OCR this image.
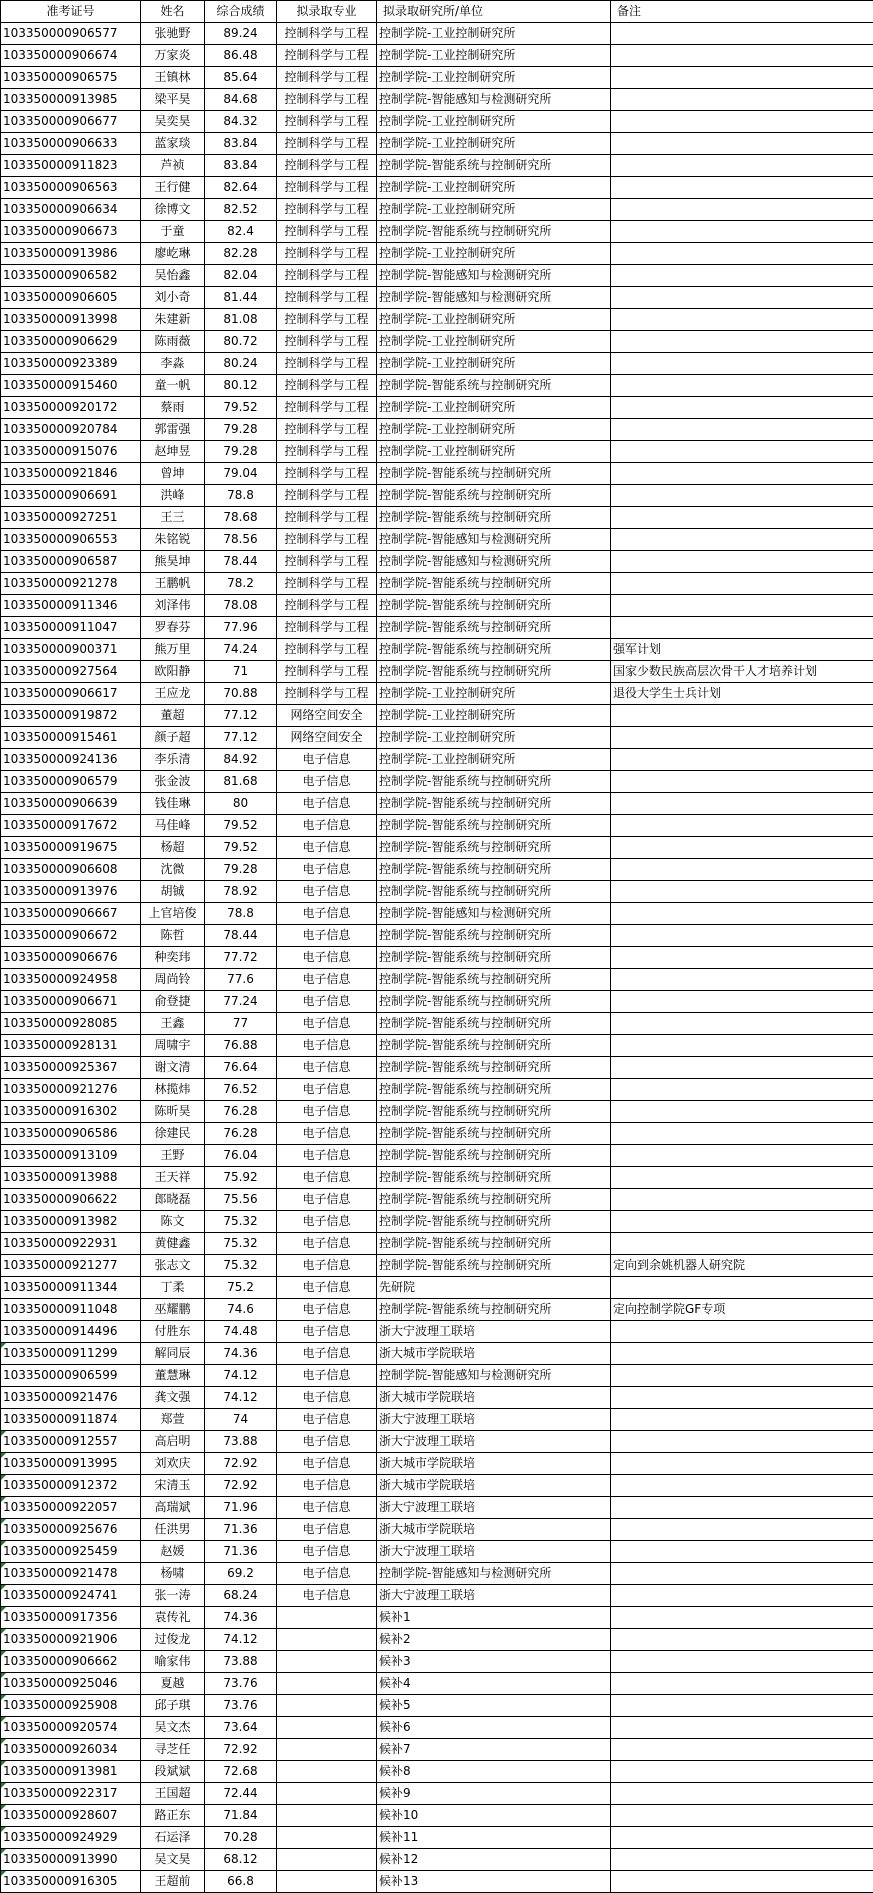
准考证号	姓名	综合成绩	拟录取专业	拟录取研究所/单位	备注
103350000906577	张驰野	89.24	控制科学与工程	控制学院-工业控制研究所	
103350000906674	万家炎	86.48	控制科学与工程	控制学院-工业控制研究所	
103350000906575	王镇林	85.64	控制科学与工程	控制学院-工业控制研究所	
103350000913985	梁平昊	84.68	控制科学与工程	控制学院-智能感知与检测研究所	
103350000906677	吴奕昊	84.32	控制科学与工程	控制学院-工业控制研究所	
103350000906633	蓝家琰	83.84	控制科学与工程	控制学院-工业控制研究所	
103350000911823	芦祯	83.84	控制科学与工程	控制学院-智能系统与控制研究所	
103350000906563	王行健	82.64	控制科学与工程	控制学院-工业控制研究所	
103350000906634	徐博文	82.52	控制科学与工程	控制学院-工业控制研究所	
103350000906673	于童	82.4	控制科学与工程	控制学院-智能系统与控制研究所	
103350000913986	廖屹琳	82.28	控制科学与工程	控制学院-工业控制研究所	
103350000906582	吴怡鑫	82.04	控制科学与工程	控制学院-智能感知与检测研究所	
103350000906605	刘小奇	81.44	控制科学与工程	控制学院-智能感知与检测研究所	
103350000913998	朱建新	81.08	控制科学与工程	控制学院-工业控制研究所	
103350000906629	陈雨薇	80.72	控制科学与工程	控制学院-工业控制研究所	
103350000923389	李淼	80.24	控制科学与工程	控制学院-工业控制研究所	
103350000915460	童一帆	80.12	控制科学与工程	控制学院-智能系统与控制研究所	
103350000920172	蔡雨	79.52	控制科学与工程	控制学院-工业控制研究所	
103350000920784	郭雷强	79.28	控制科学与工程	控制学院-工业控制研究所	
103350000915076	赵坤昱	79.28	控制科学与工程	控制学院-工业控制研究所	
103350000921846	曾坤	79.04	控制科学与工程	控制学院-智能系统与控制研究所	
103350000906691	洪峰	78.8	控制科学与工程	控制学院-智能系统与控制研究所	
103350000927251	王三	78.68	控制科学与工程	控制学院-智能系统与控制研究所	
103350000906553	朱铭锐	78.56	控制科学与工程	控制学院-智能感知与检测研究所	
103350000906587	熊昊坤	78.44	控制科学与工程	控制学院-智能感知与检测研究所	
103350000921278	王鹏帆	78.2	控制科学与工程	控制学院-智能系统与控制研究所	
103350000911346	刘泽伟	78.08	控制科学与工程	控制学院-智能系统与控制研究所	
103350000911047	罗春芬	77.96	控制科学与工程	控制学院-智能系统与控制研究所	
103350000900371	熊万里	74.24	控制科学与工程	控制学院-智能系统与控制研究所	强军计划
103350000927564	欧阳静	71	控制科学与工程	控制学院-智能系统与控制研究所	国家少数民族高层次骨干人才培养计划
103350000906617	王应龙	70.88	控制科学与工程	控制学院-工业控制研究所	退役大学生士兵计划
103350000919872	董超	77.12	网络空间安全	控制学院-工业控制研究所	
103350000915461	颜子超	77.12	网络空间安全	控制学院-工业控制研究所	
103350000924136	李乐清	84.92	电子信息	控制学院-工业控制研究所	
103350000906579	张金波	81.68	电子信息	控制学院-智能系统与控制研究所	
103350000906639	钱佳琳	80	电子信息	控制学院-智能系统与控制研究所	
103350000917672	马佳峰	79.52	电子信息	控制学院-智能系统与控制研究所	
103350000919675	杨超	79.52	电子信息	控制学院-智能系统与控制研究所	
103350000906608	沈微	79.28	电子信息	控制学院-智能系统与控制研究所	
103350000913976	胡铖	78.92	电子信息	控制学院-智能系统与控制研究所	
103350000906667	上官培俊	78.8	电子信息	控制学院-智能感知与检测研究所	
103350000906672	陈哲	78.44	电子信息	控制学院-智能系统与控制研究所	
103350000906676	种奕玮	77.72	电子信息	控制学院-智能系统与控制研究所	
103350000924958	周尚铃	77.6	电子信息	控制学院-智能系统与控制研究所	
103350000906671	俞登捷	77.24	电子信息	控制学院-智能系统与控制研究所	
103350000928085	王鑫	77	电子信息	控制学院-智能系统与控制研究所	
103350000928131	周啸宇	76.88	电子信息	控制学院-智能系统与控制研究所	
103350000925367	谢文清	76.64	电子信息	控制学院-智能系统与控制研究所	
103350000921276	林揽炜	76.52	电子信息	控制学院-智能系统与控制研究所	
103350000916302	陈昕昊	76.28	电子信息	控制学院-智能系统与控制研究所	
103350000906586	徐建民	76.28	电子信息	控制学院-智能系统与控制研究所	
103350000913109	王野	76.04	电子信息	控制学院-智能系统与控制研究所	
103350000913988	王天祥	75.92	电子信息	控制学院-智能系统与控制研究所	
103350000906622	郎晓磊	75.56	电子信息	控制学院-智能系统与控制研究所	
103350000913982	陈文	75.32	电子信息	控制学院-智能系统与控制研究所	
103350000922931	黄健鑫	75.32	电子信息	控制学院-智能系统与控制研究所	
103350000921277	张志文	75.32	电子信息	控制学院-智能系统与控制研究所	定向到余姚机器人研究院
103350000911344	丁柔	75.2	电子信息	先研院	
103350000911048	巫耀鹏	74.6	电子信息	控制学院-智能系统与控制研究所	定向控制学院GF专项
103350000914496	付胜东	74.48	电子信息	浙大宁波理工联培	
103350000911299	解同辰	74.36	电子信息	浙大城市学院联培	
103350000906599	董慧琳	74.12	电子信息	控制学院-智能感知与检测研究所	
103350000921476	龚文强	74.12	电子信息	浙大城市学院联培	
103350000911874	郑萱	74	电子信息	浙大宁波理工联培	
103350000912557	高启明	73.88	电子信息	浙大宁波理工联培	
103350000913995	刘欢庆	72.92	电子信息	浙大城市学院联培	
103350000912372	宋清玉	72.92	电子信息	浙大城市学院联培	
103350000922057	高瑞斌	71.96	电子信息	浙大宁波理工联培	
103350000925676	任洪男	71.36	电子信息	浙大城市学院联培	
103350000925459	赵媛	71.36	电子信息	浙大宁波理工联培	
103350000921478	杨啸	69.2	电子信息	控制学院-智能感知与检测研究所	
103350000924741	张一涛	68.24	电子信息	浙大宁波理工联培	
103350000917356	袁传礼	74.36		候补1	
103350000921906	过俊龙	74.12		候补2	
103350000906662	喻家伟	73.88		候补3	
103350000925046	夏越	73.76		候补4	
103350000925908	邱子琪	73.76		候补5	
103350000920574	吴文杰	73.64		候补6	
103350000926034	寻芝任	72.92		候补7	
103350000913981	段斌斌	72.68		候补8	
103350000922317	王国超	72.44		候补9	
103350000928607	路正东	71.84		候补10	
103350000924929	石运泽	70.28		候补11	
103350000913990	吴文昊	68.12		候补12	
103350000916305	王超前	66.8		候补13	
